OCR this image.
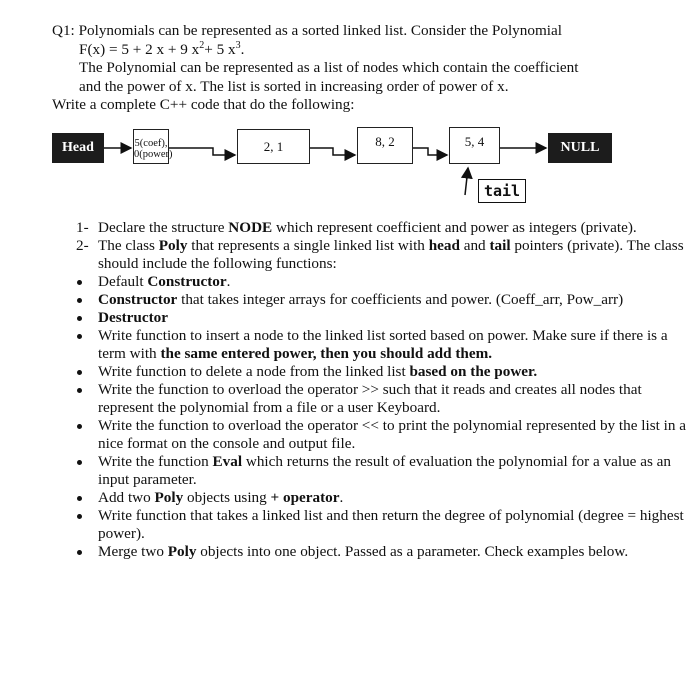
Q1: Polynomials can be represented as a sorted linked list. Consider the Polynomial
F(x) = 5 + 2 x + 9 $x^2+ 5$ $x^3$.
The Polynomial can be represented as a list of nodes which contain the coefficient
and the power of x. The list is sorted in increasing order of power of x.
Write a complete C++ code that do the following:
Head	5(coef),
0(power)
2, 1	8, 2	5, 4	NULL
tail
1- Declare the structure NODE which represent coefficient and power as integers (private).
2- The class Poly that represents a single linked list with head and tail pointers (private). The class should include the following functions:
Default Constructor.
Constructor that takes integer arrays for coefficients and power. (Coeff_arr, Pow_arr)
Destructor
Write function to insert a node to the linked list sorted based on power. Make sure if there is a term with the same entered power, then you should add them.
Write function to delete a node from the linked list based on the power.
Write the function to overload the operator >> such that it reads and creates all nodes that represent the polynomial from a file or a user Keyboard.
Write the function to overload the operator << to print the polynomial represented by the list in a nice format on the console and output file.
Write the function Eval which returns the result of evaluation the polynomial for a value as an input parameter.
Add two Poly objects using + operator.
Write function that takes a linked list and then return the degree of polynomial (degree = highest power).
Merge two Poly objects into one object. Passed as a parameter. Check examples below.
